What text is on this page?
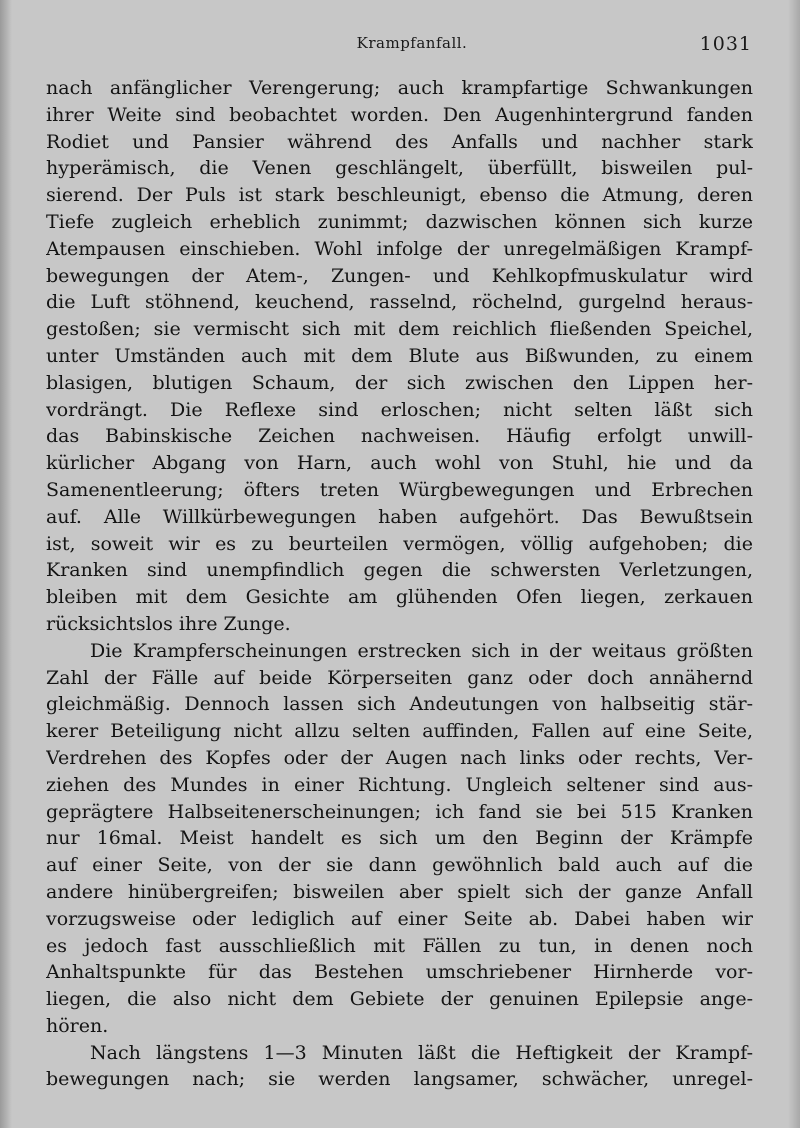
Krampfanfall.	1031
nach anfänglicher Verengerung; auch krampfartige Schwankungen
ihrer Weite sind beobachtet worden. Den Augenhintergrund fanden
Rodiet und Pansier während des Anfalls und nachher stark
hyperämisch, die Venen geschlängelt, überfüllt, bisweilen pul-
sierend. Der Puls ist stark beschleunigt, ebenso die Atmung, deren
Tiefe zugleich erheblich zunimmt; dazwischen können sich kurze
Atempausen einschieben. Wohl infolge der unregelmäßigen Krampf-
bewegungen der Atem-, Zungen- und Kehlkopfmuskulatur wird
die Luft stöhnend, keuchend, rasselnd, röchelnd, gurgelnd heraus-
gestoßen; sie vermischt sich mit dem reichlich fließenden Speichel,
unter Umständen auch mit dem Blute aus Bißwunden, zu einem
blasigen, blutigen Schaum, der sich zwischen den Lippen her-
vordrängt. Die Reflexe sind erloschen; nicht selten läßt sich
das Babinskische Zeichen nachweisen. Häufig erfolgt unwill-
kürlicher Abgang von Harn, auch wohl von Stuhl, hie und da
Samenentleerung; öfters treten Würgbewegungen und Erbrechen
auf. Alle Willkürbewegungen haben aufgehört. Das Bewußtsein
ist, soweit wir es zu beurteilen vermögen, völlig aufgehoben; die
Kranken sind unempfindlich gegen die schwersten Verletzungen,
bleiben mit dem Gesichte am glühenden Ofen liegen, zerkauen
rücksichtslos ihre Zunge.
Die Krampferscheinungen erstrecken sich in der weitaus größten
Zahl der Fälle auf beide Körperseiten ganz oder doch annähernd
gleichmäßig. Dennoch lassen sich Andeutungen von halbseitig stär-
kerer Beteiligung nicht allzu selten auffinden, Fallen auf eine Seite,
Verdrehen des Kopfes oder der Augen nach links oder rechts, Ver-
ziehen des Mundes in einer Richtung. Ungleich seltener sind aus-
geprägtere Halbseitenerscheinungen; ich fand sie bei 515 Kranken
nur 16mal. Meist handelt es sich um den Beginn der Krämpfe
auf einer Seite, von der sie dann gewöhnlich bald auch auf die
andere hinübergreifen; bisweilen aber spielt sich der ganze Anfall
vorzugsweise oder lediglich auf einer Seite ab. Dabei haben wir
es jedoch fast ausschließlich mit Fällen zu tun, in denen noch
Anhaltspunkte für das Bestehen umschriebener Hirnherde vor-
liegen, die also nicht dem Gebiete der genuinen Epilepsie ange-
hören.
Nach längstens 1—3 Minuten läßt die Heftigkeit der Krampf-
bewegungen nach; sie werden langsamer, schwächer, unregel-
